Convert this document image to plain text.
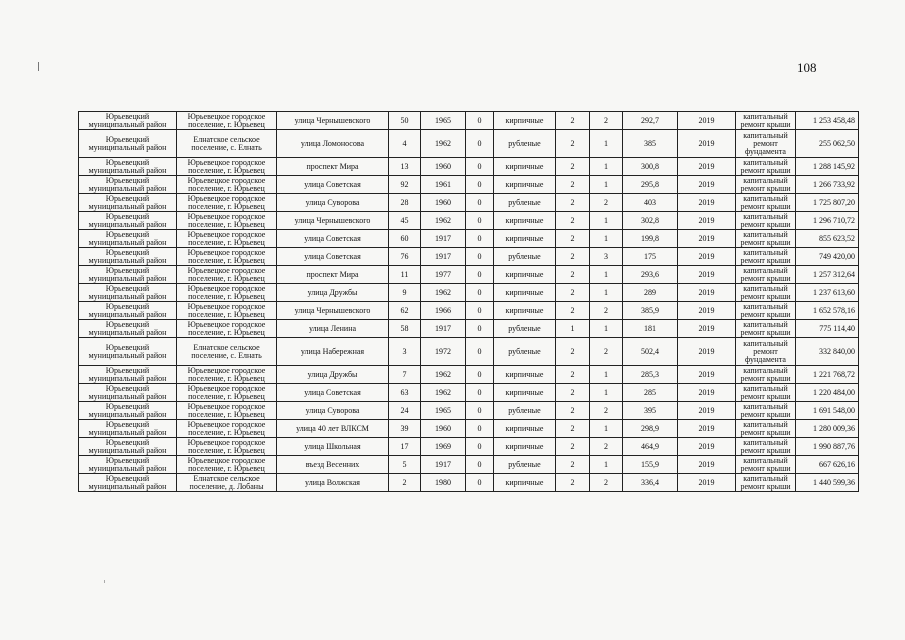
108
Юрьевецкий муниципальный район	Юрьевецкое городское поселение, г. Юрьевец	улица Чернышевского	50	1965	0	кирпичные	2	2	292,7	2019	капитальный ремонт крыши	1 253 458,48
Юрьевецкий муниципальный район	Елнатское сельское поселение, с. Елнать	улица Ломоносова	4	1962	0	рубленые	2	1	385	2019	капитальный ремонт фундамента	255 062,50
Юрьевецкий муниципальный район	Юрьевецкое городское поселение, г. Юрьевец	проспект Мира	13	1960	0	кирпичные	2	1	300,8	2019	капитальный ремонт крыши	1 288 145,92
Юрьевецкий муниципальный район	Юрьевецкое городское поселение, г. Юрьевец	улица Советская	92	1961	0	кирпичные	2	1	295,8	2019	капитальный ремонт крыши	1 266 733,92
Юрьевецкий муниципальный район	Юрьевецкое городское поселение, г. Юрьевец	улица Суворова	28	1960	0	рубленые	2	2	403	2019	капитальный ремонт крыши	1 725 807,20
Юрьевецкий муниципальный район	Юрьевецкое городское поселение, г. Юрьевец	улица Чернышевского	45	1962	0	кирпичные	2	1	302,8	2019	капитальный ремонт крыши	1 296 710,72
Юрьевецкий муниципальный район	Юрьевецкое городское поселение, г. Юрьевец	улица Советская	60	1917	0	кирпичные	2	1	199,8	2019	капитальный ремонт крыши	855 623,52
Юрьевецкий муниципальный район	Юрьевецкое городское поселение, г. Юрьевец	улица Советская	76	1917	0	рубленые	2	3	175	2019	капитальный ремонт крыши	749 420,00
Юрьевецкий муниципальный район	Юрьевецкое городское поселение, г. Юрьевец	проспект Мира	11	1977	0	кирпичные	2	1	293,6	2019	капитальный ремонт крыши	1 257 312,64
Юрьевецкий муниципальный район	Юрьевецкое городское поселение, г. Юрьевец	улица Дружбы	9	1962	0	кирпичные	2	1	289	2019	капитальный ремонт крыши	1 237 613,60
Юрьевецкий муниципальный район	Юрьевецкое городское поселение, г. Юрьевец	улица Чернышевского	62	1966	0	кирпичные	2	2	385,9	2019	капитальный ремонт крыши	1 652 578,16
Юрьевецкий муниципальный район	Юрьевецкое городское поселение, г. Юрьевец	улица Ленина	58	1917	0	рубленые	1	1	181	2019	капитальный ремонт крыши	775 114,40
Юрьевецкий муниципальный район	Елнатское сельское поселение, с. Елнать	улица Набережная	3	1972	0	рубленые	2	2	502,4	2019	капитальный ремонт фундамента	332 840,00
Юрьевецкий муниципальный район	Юрьевецкое городское поселение, г. Юрьевец	улица Дружбы	7	1962	0	кирпичные	2	1	285,3	2019	капитальный ремонт крыши	1 221 768,72
Юрьевецкий муниципальный район	Юрьевецкое городское поселение, г. Юрьевец	улица Советская	63	1962	0	кирпичные	2	1	285	2019	капитальный ремонт крыши	1 220 484,00
Юрьевецкий муниципальный район	Юрьевецкое городское поселение, г. Юрьевец	улица Суворова	24	1965	0	рубленые	2	2	395	2019	капитальный ремонт крыши	1 691 548,00
Юрьевецкий муниципальный район	Юрьевецкое городское поселение, г. Юрьевец	улица 40 лет ВЛКСМ	39	1960	0	кирпичные	2	1	298,9	2019	капитальный ремонт крыши	1 280 009,36
Юрьевецкий муниципальный район	Юрьевецкое городское поселение, г. Юрьевец	улица Школьная	17	1969	0	кирпичные	2	2	464,9	2019	капитальный ремонт крыши	1 990 887,76
Юрьевецкий муниципальный район	Юрьевецкое городское поселение, г. Юрьевец	въезд Весенних	5	1917	0	рубленые	2	1	155,9	2019	капитальный ремонт крыши	667 626,16
Юрьевецкий муниципальный район	Елнатское сельское поселение, д. Лобаны	улица Волжская	2	1980	0	кирпичные	2	2	336,4	2019	капитальный ремонт крыши	1 440 599,36
